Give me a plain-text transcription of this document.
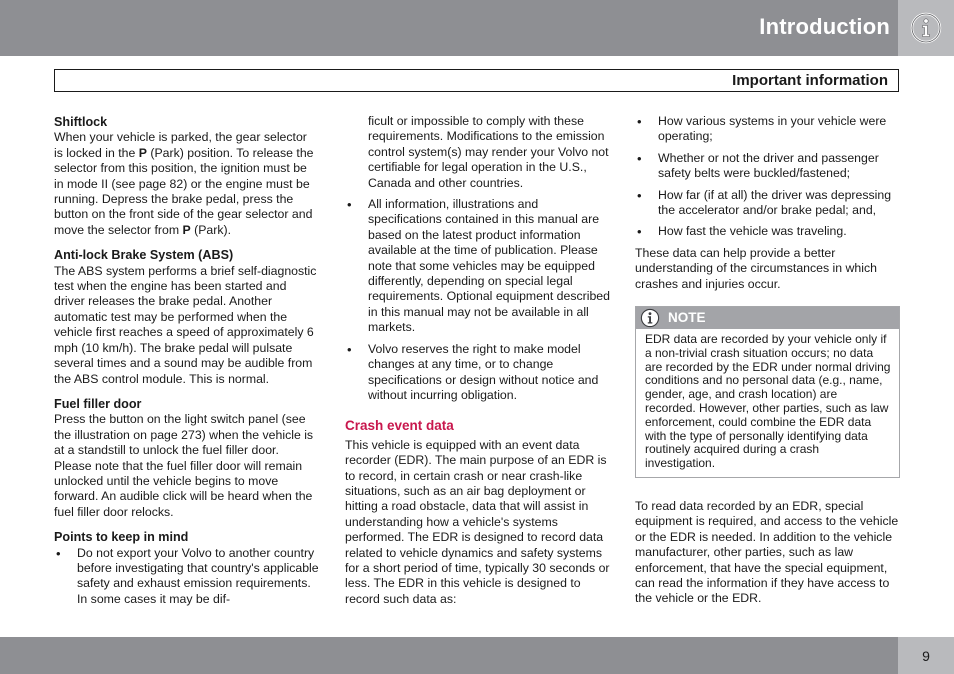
Introduction
Important information
Shiftlock

When your vehicle is parked, the gear selector is locked in the P (Park) position. To release the selector from this position, the ignition must be in mode II (see page 82) or the engine must be running. Depress the brake pedal, press the button on the front side of the gear selector and move the selector from P (Park).

Anti-lock Brake System (ABS)

The ABS system performs a brief self-diagnostic test when the engine has been started and driver releases the brake pedal. Another automatic test may be performed when the vehicle first reaches a speed of approximately 6 mph (10 km/h). The brake pedal will pulsate several times and a sound may be audible from the ABS control module. This is normal.

Fuel filler door

Press the button on the light switch panel (see the illustration on page 273) when the vehicle is at a standstill to unlock the fuel filler door. Please note that the fuel filler door will remain unlocked until the vehicle begins to move forward. An audible click will be heard when the fuel filler door relocks.

Points to keep in mind
• Do not export your Volvo to another country before investigating that country's applicable safety and exhaust emission requirements. In some cases it may be dif-

ficult or impossible to comply with these requirements. Modifications to the emission control system(s) may render your Volvo not certifiable for legal operation in the U.S., Canada and other countries.

• All information, illustrations and specifications contained in this manual are based on the latest product information available at the time of publication. Please note that some vehicles may be equipped differently, depending on special legal requirements. Optional equipment described in this manual may not be available in all markets.
• Volvo reserves the right to make model changes at any time, or to change specifications or design without notice and without incurring obligation.
Crash event data

This vehicle is equipped with an event data recorder (EDR). The main purpose of an EDR is to record, in certain crash or near crash-like situations, such as an air bag deployment or hitting a road obstacle, data that will assist in understanding how a vehicle's systems performed. The EDR is designed to record data related to vehicle dynamics and safety systems for a short period of time, typically 30 seconds or less. The EDR in this vehicle is designed to record such data as:

• How various systems in your vehicle were operating;
• Whether or not the driver and passenger safety belts were buckled/fastened;
• How far (if at all) the driver was depressing the accelerator and/or brake pedal; and,
• How fast the vehicle was traveling.

These data can help provide a better understanding of the circumstances in which crashes and injuries occur.

NOTE
EDR data are recorded by your vehicle only if a non-trivial crash situation occurs; no data are recorded by the EDR under normal driving conditions and no personal data (e.g., name, gender, age, and crash location) are recorded. However, other parties, such as law enforcement, could combine the EDR data with the type of personally identifying data routinely acquired during a crash investigation.

To read data recorded by an EDR, special equipment is required, and access to the vehicle or the EDR is needed. In addition to the vehicle manufacturer, other parties, such as law enforcement, that have the special equipment, can read the information if they have access to the vehicle or the EDR.

9
